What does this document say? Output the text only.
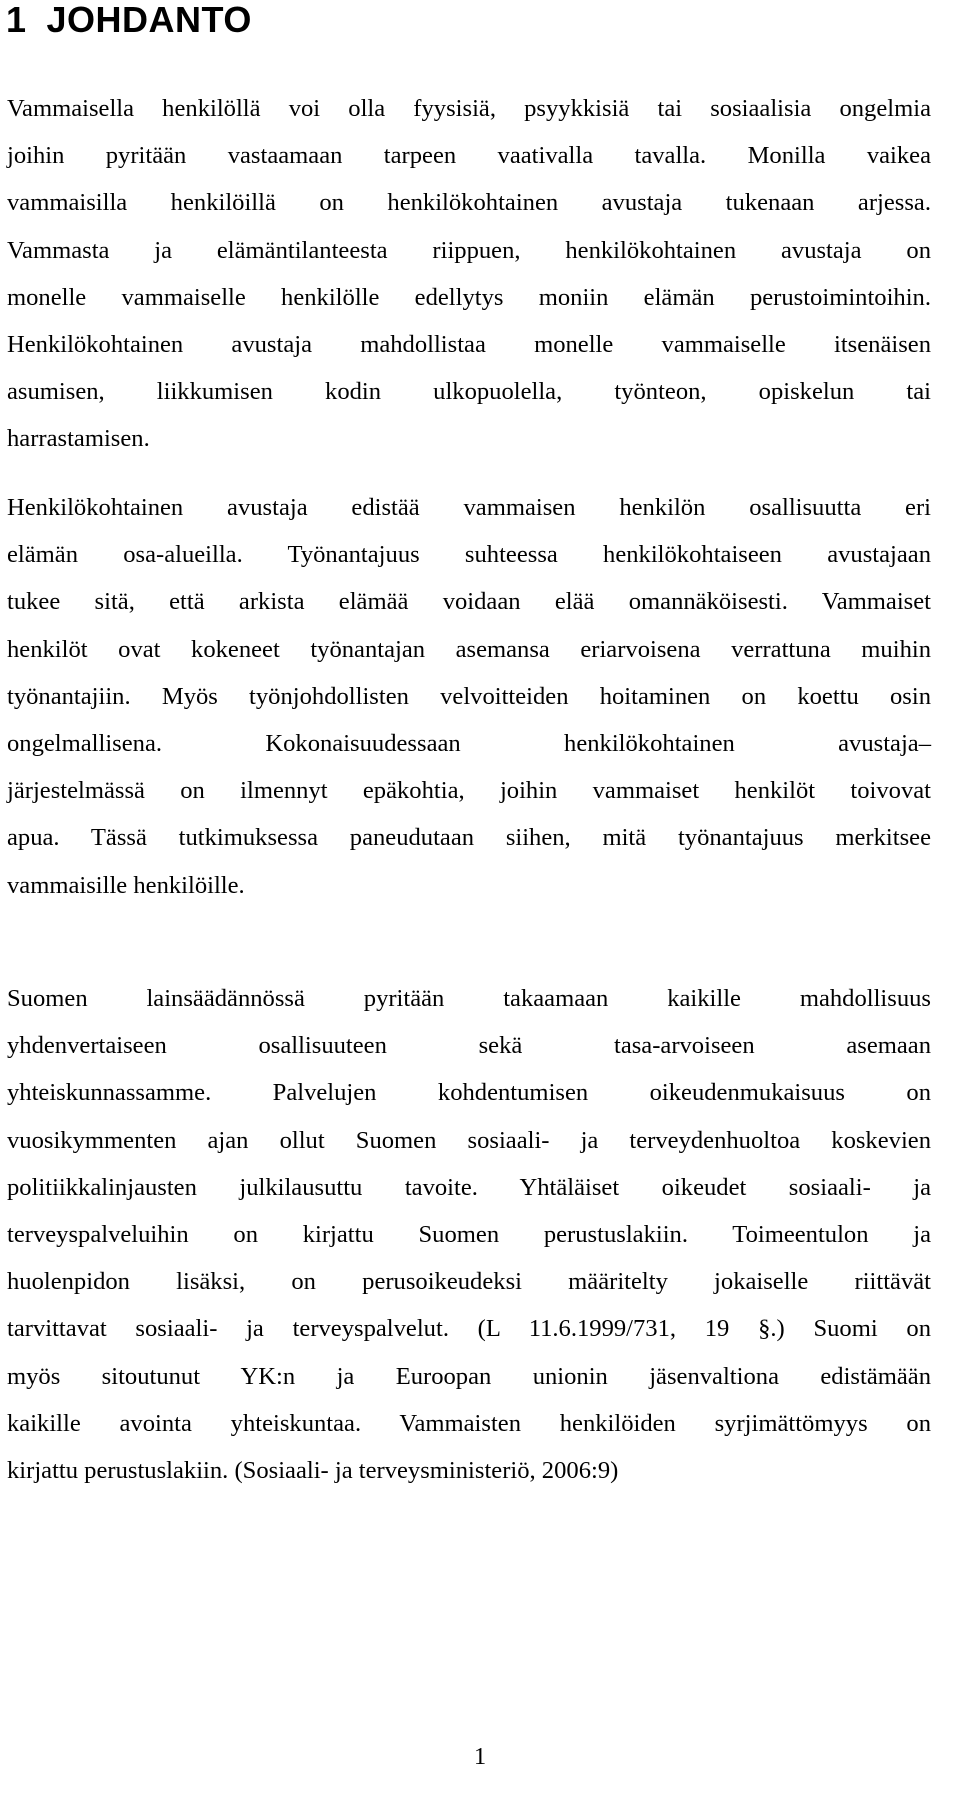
1 JOHDANTO
Vammaisella henkilöllä voi olla fyysisiä, psyykkisiä tai sosiaalisia ongelmia
joihin pyritään vastaamaan tarpeen vaativalla tavalla. Monilla vaikea
vammaisilla henkilöillä on henkilökohtainen avustaja tukenaan arjessa.
Vammasta ja elämäntilanteesta riippuen, henkilökohtainen avustaja on
monelle vammaiselle henkilölle edellytys moniin elämän perustoimintoihin.
Henkilökohtainen avustaja mahdollistaa monelle vammaiselle itsenäisen
asumisen, liikkumisen kodin ulkopuolella, työnteon, opiskelun tai
harrastamisen.
Henkilökohtainen avustaja edistää vammaisen henkilön osallisuutta eri
elämän osa-alueilla. Työnantajuus suhteessa henkilökohtaiseen avustajaan
tukee sitä, että arkista elämää voidaan elää omannäköisesti. Vammaiset
henkilöt ovat kokeneet työnantajan asemansa eriarvoisena verrattuna muihin
työnantajiin. Myös työnjohdollisten velvoitteiden hoitaminen on koettu osin
ongelmallisena. Kokonaisuudessaan henkilökohtainen avustaja–
järjestelmässä on ilmennyt epäkohtia, joihin vammaiset henkilöt toivovat
apua. Tässä tutkimuksessa paneudutaan siihen, mitä työnantajuus merkitsee
vammaisille henkilöille.
Suomen lainsäädännössä pyritään takaamaan kaikille mahdollisuus
yhdenvertaiseen osallisuuteen sekä tasa-arvoiseen asemaan
yhteiskunnassamme. Palvelujen kohdentumisen oikeudenmukaisuus on
vuosikymmenten ajan ollut Suomen sosiaali- ja terveydenhuoltoa koskevien
politiikkalinjausten julkilausuttu tavoite. Yhtäläiset oikeudet sosiaali- ja
terveyspalveluihin on kirjattu Suomen perustuslakiin. Toimeentulon ja
huolenpidon lisäksi, on perusoikeudeksi määritelty jokaiselle riittävät
tarvittavat sosiaali- ja terveyspalvelut. (L 11.6.1999/731, 19 §.) Suomi on
myös sitoutunut YK:n ja Euroopan unionin jäsenvaltiona edistämään
kaikille avointa yhteiskuntaa. Vammaisten henkilöiden syrjimättömyys on
kirjattu perustuslakiin. (Sosiaali- ja terveysministeriö, 2006:9)
1
